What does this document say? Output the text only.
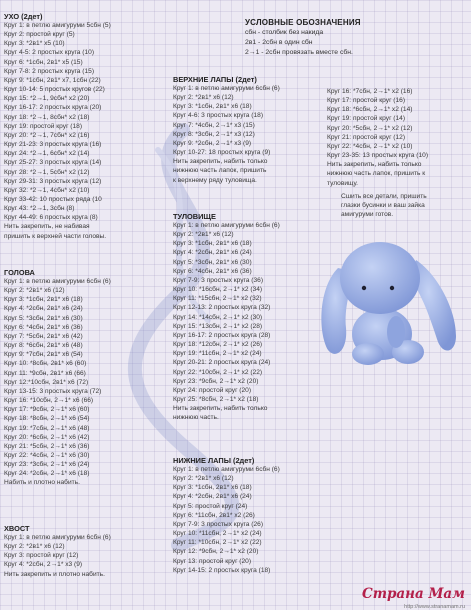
УСЛОВНЫЕ ОБОЗНАЧЕНИЯ
сбн - столбик без накида
2в1 - 2сбн в один сбн
2→1 - 2сбн провязать вместе сбн.
УХО (2дет)
Круг 1: в петлю амигуруми 5сбн (5)
Круг 2: простой круг (5)
Круг 3: *2в1* х5 (10)
Круг 4-5: 2 простых круга (10)
Круг 6: *1сбн, 2в1* х5 (15)
Круг 7-8: 2 простых круга (15)
Круг 9: *1сбн, 2в1* х7, 1сбн (22)
Круг 10-14: 5 простых кругов (22)
Круг 15: *2→1, 9сбн* х2 (20)
Круг 16-17: 2 простых круга (20)
Круг 18: *2→1, 8сбн* х2 (18)
Круг 19: простой круг (18)
Круг 20: *2→1, 7сбн* х2 (16)
Круг 21-23: 3 простых круга (16)
Круг 24: *2→1, 6сбн* х2 (14)
Круг 25-27: 3 простых круга (14)
Круг 28: *2→1, 5сбн* х2 (12)
Круг 29-31: 3 простых круга (12)
Круг 32: *2→1, 4сбн* х2 (10)
Круг 33-42: 10 простых ряда (10
Круг 43: *2→1, 3сбн (8)
Круг 44-49: 6 простых круга (8)
Нить закрепить, не набивая
пришить к верхней части головы.
ГОЛОВА
Круг 1: в петлю амигуруми 6сбн (6)
Круг 2: *2в1* х6 (12)
Круг 3: *1сбн, 2в1* х6 (18)
Круг 4: *2сбн, 2в1* х6 (24)
Круг 5: *3сбн, 2в1* х6 (30)
Круг 6: *4сбн, 2в1* х6 (36)
Круг 7: *5сбн, 2в1* х6 (42)
Круг 8: *6сбн, 2в1* х6 (48)
Круг 9: *7сбн, 2в1* х6 (54)
Круг 10: *8сбн, 2в1* х6 (60)
Круг 11: *9сбн, 2в1* х6 (66)
Круг 12:*10сбн, 2в1* х6 (72)
Круг 13-15: 3 простых круга (72)
Круг 16: *10сбн, 2→1* х6 (66)
Круг 17: *9сбн, 2→1* х6 (60)
Круг 18: *8сбн, 2→1* х6 (54)
Круг 19: *7сбн, 2→1* х6 (48)
Круг 20: *6сбн, 2→1* х6 (42)
Круг 21: *5сбн, 2→1* х6 (36)
Круг 22: *4сбн, 2→1* х6 (30)
Круг 23: *3сбн, 2→1* х6 (24)
Круг 24: *2сбн, 2→1* х6 (18)
Набить и плотно набить.
ХВОСТ
Круг 1: в петлю амигуруми 6сбн (6)
Круг 2: *2в1* х6 (12)
Круг 3: простой круг (12)
Круг 4: *2сбн, 2→1* х3 (9)
Нить закрепить и плотно набить.
ВЕРХНИЕ ЛАПЫ (2дет)
Круг 1: в петлю амигуруми 6сбн (6)
Круг 2: *2в1* х6 (12)
Круг 3: *1сбн, 2в1* х6 (18)
Круг 4-6: 3 простых круга (18)
Круг 7: *4сбн, 2→1* х3 (15)
Круг 8: *3сбн, 2→1* х3 (12)
Круг 9: *2сбн, 2→1* х3 (9)
Круг 10-27: 18 простых круга (9)
Нить закрепить, набить только
нижнюю часть лапок, пришить
к верхнему ряду туловища.
ТУЛОВИЩЕ
Круг 1: в петлю амигуруми 6сбн (6)
Круг 2: *2в1* х6 (12)
Круг 3: *1сбн, 2в1* х6 (18)
Круг 4: *2сбн, 2в1* х6 (24)
Круг 5: *3сбн, 2в1* х6 (30)
Круг 6: *4сбн, 2в1* х6 (36)
Круг 7-9: 3 простых круга (36)
Круг 10: *16сбн, 2→1* х2 (34)
Круг 11: *15сбн, 2→1* х2 (32)
Круг 12-13: 2 простых круга (32)
Круг 14: *14сбн, 2→1* х2 (30)
Круг 15: *13сбн, 2→1* х2 (28)
Круг 16-17: 2 простых круга (28)
Круг 18: *12сбн, 2→1* х2 (26)
Круг 19: *11сбн, 2→1* х2 (24)
Круг 20-21: 2 простых круга (24)
Круг 22: *10сбн, 2→1* х2 (22)
Круг 23: *9сбн, 2→1* х2 (20)
Круг 24: простой круг (20)
Круг 25: *8сбн, 2→1* х2 (18)
Нить закрепить, набить только
нижнюю часть.
НИЖНИЕ ЛАПЫ (2дет)
Круг 1: в петлю амигуруми 6сбн (6)
Круг 2: *2в1* х6 (12)
Круг 3: *1сбн, 2в1* х6 (18)
Круг 4: *2сбн, 2в1* х6 (24)
Круг 5: простой круг (24)
Круг 6: *11сбн, 2в1* х2 (26)
Круг 7-9: 3 простых круга (26)
Круг 10: *11сбн, 2→1* х2 (24)
Круг 11: *10сбн, 2→1* х2 (22)
Круг 12: *9сбн, 2→1* х2 (20)
Круг 13: простой круг (20)
Круг 14-15: 2 простых круга (18)
Круг 16: *7сбн, 2→1* х2 (16)
Круг 17: простой круг (16)
Круг 18: *6сбн, 2→1* х2 (14)
Круг 19: простой круг (14)
Круг 20: *5сбн, 2→1* х2 (12)
Круг 21: простой круг (12)
Круг 22: *4сбн, 2→1* х2 (10)
Круг 23-35: 13 простых круга (10)
Нить закрепить, набить только
нижнюю часть лапок, пришить к
туловищу.
Сшить все детали, пришить
глазки бусинки и ваш зайка
амигуруми готов.
Страна Мам
http://www.stranamam.ru
